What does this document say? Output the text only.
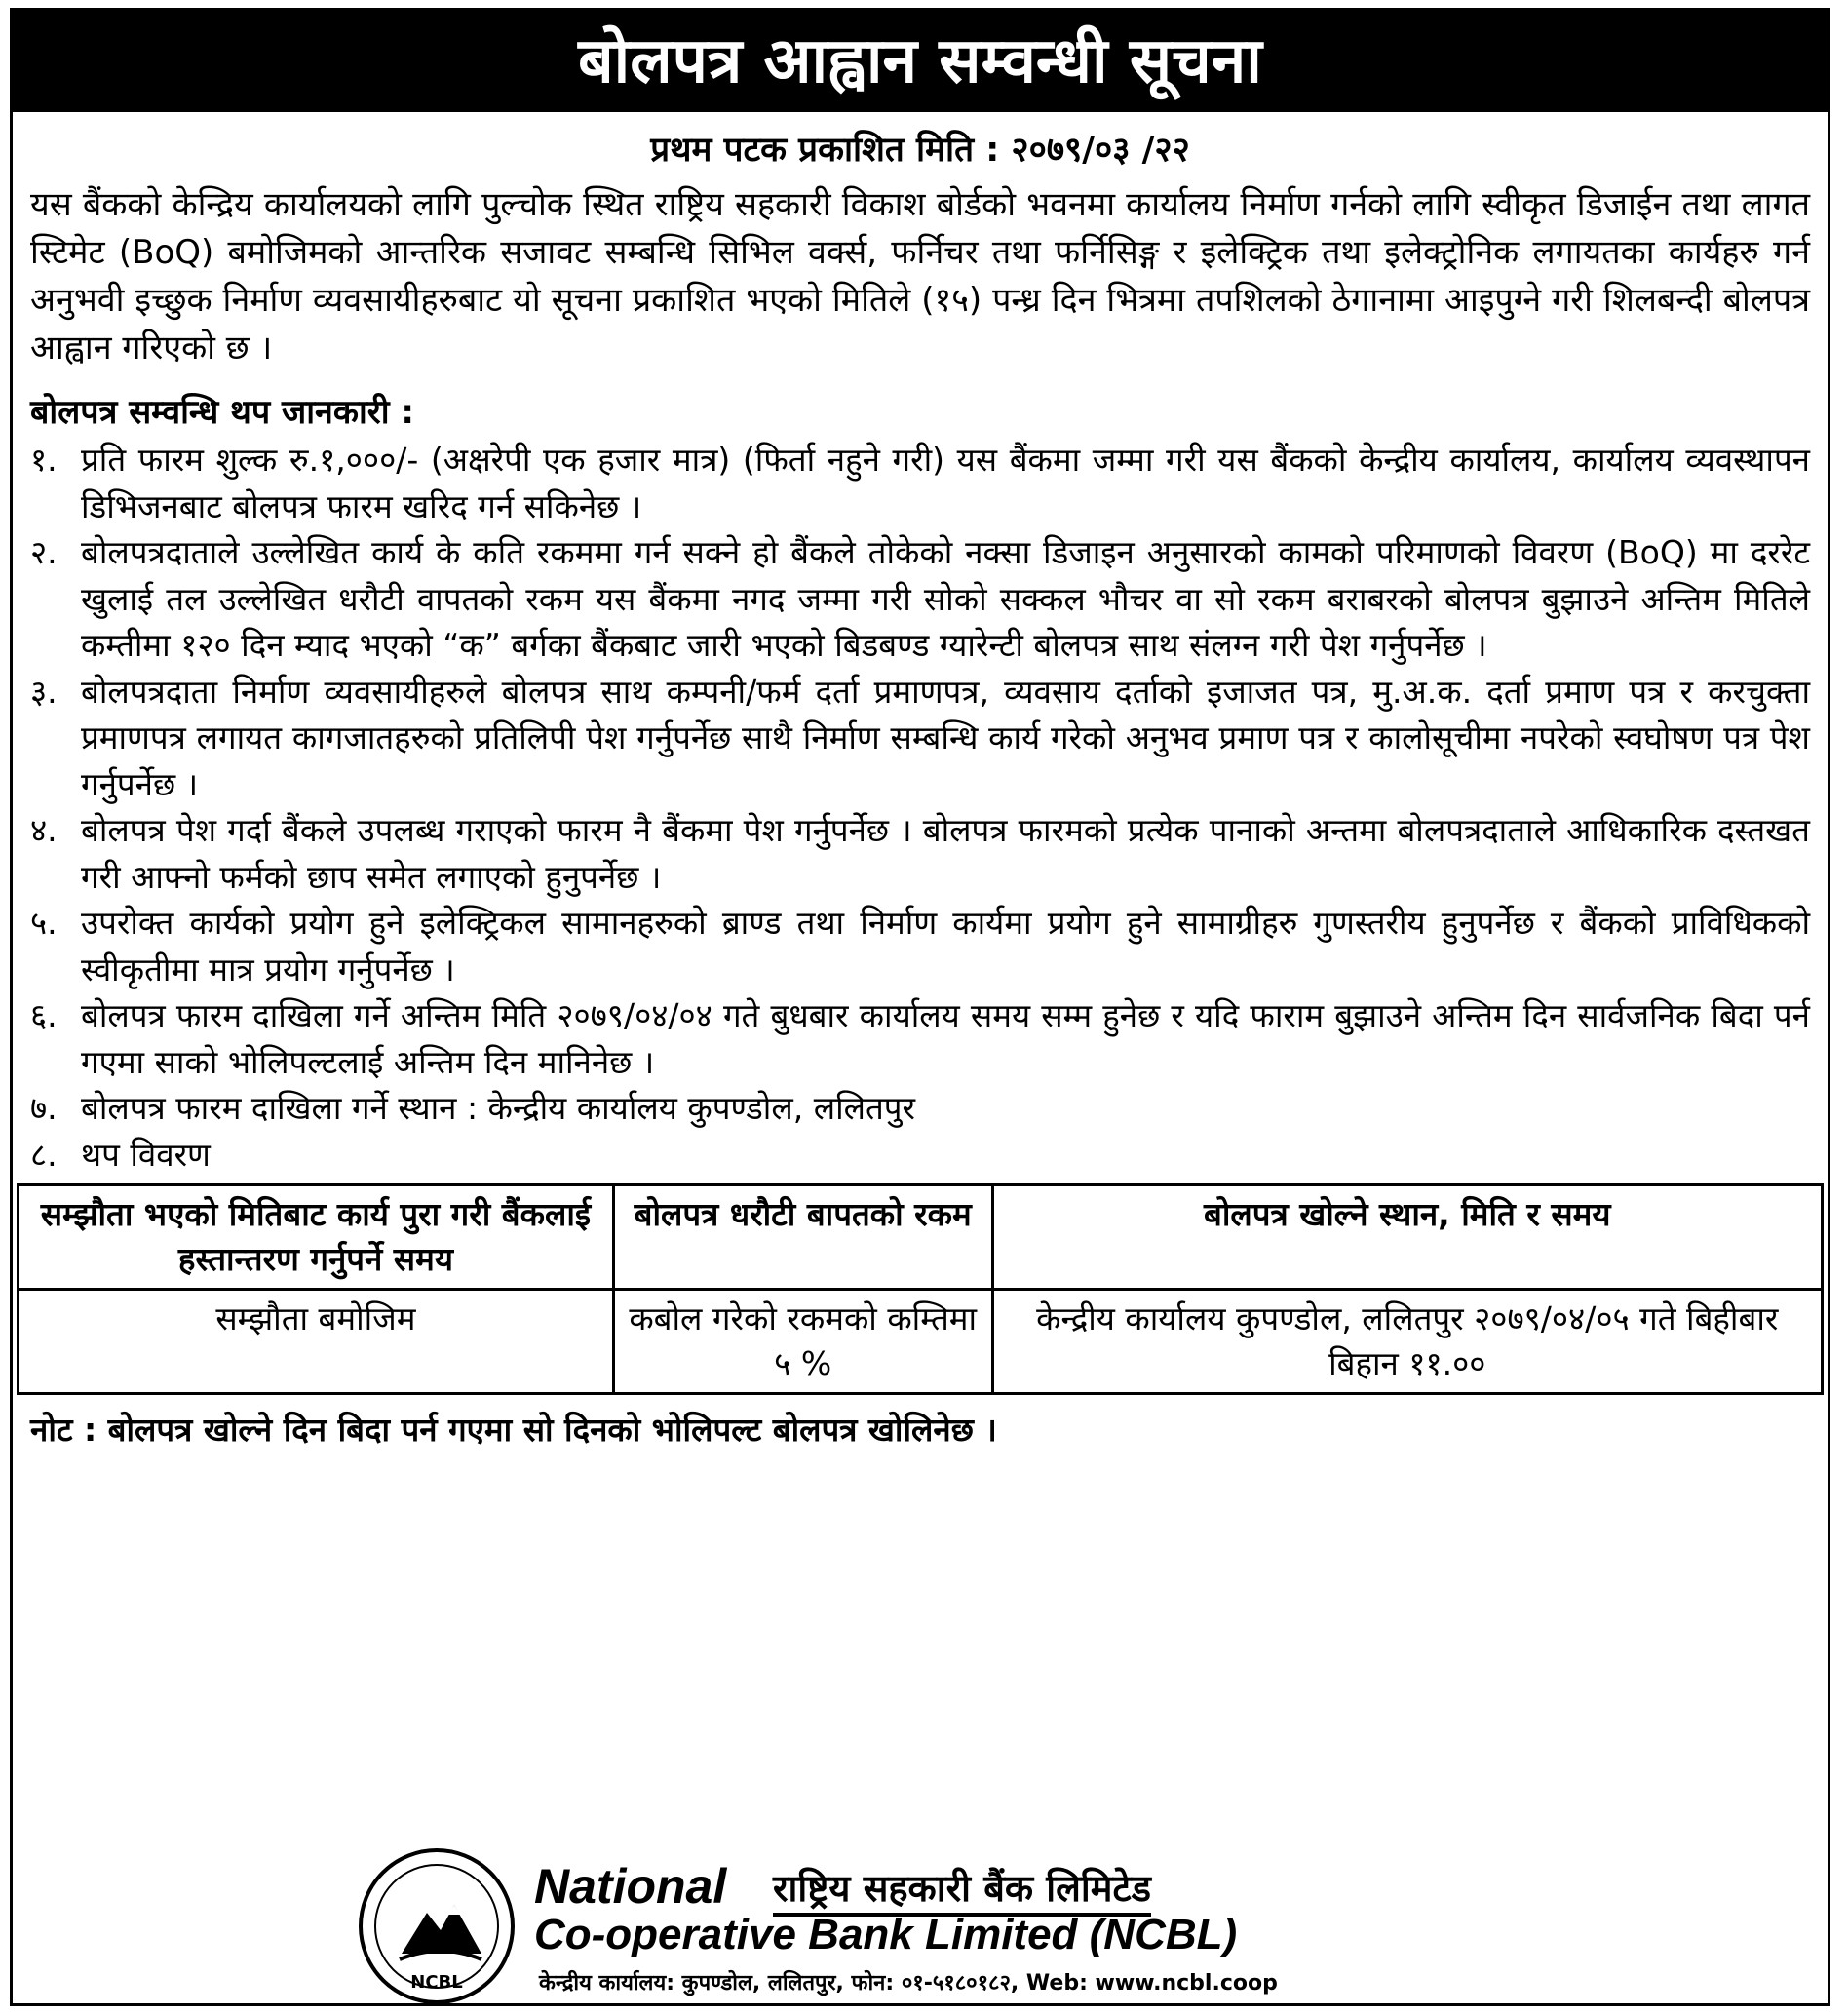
बोलपत्र आह्वान सम्वन्धी सूचना
प्रथम पटक प्रकाशित मिति : २०७९/०३ /२२
यस बैंकको केन्द्रिय कार्यालयको लागि पुल्चोक स्थित राष्ट्रिय सहकारी विकाश बोर्डको भवनमा कार्यालय निर्माण गर्नको लागि स्वीकृत डिजाईन तथा लागत स्टिमेट (BoQ) बमोजिमको आन्तरिक सजावट सम्बन्धि सिभिल वर्क्स, फर्निचर तथा फर्निसिङ्ग र इलेक्ट्रिक तथा इलेक्ट्रोनिक लगायतका कार्यहरु गर्न अनुभवी इच्छुक निर्माण व्यवसायीहरुबाट यो सूचना प्रकाशित भएको मितिले (१५) पन्ध्र दिन भित्रमा तपशिलको ठेगानामा आइपुग्ने गरी शिलबन्दी बोलपत्र आह्वान गरिएको छ ।
बोलपत्र सम्वन्धि थप जानकारी :
१. प्रति फारम शुल्क रु.१,०००/- (अक्षरेपी एक हजार मात्र) (फिर्ता नहुने गरी) यस बैंकमा जम्मा गरी यस बैंकको केन्द्रीय कार्यालय, कार्यालय व्यवस्थापन डिभिजनबाट बोलपत्र फारम खरिद गर्न सकिनेछ ।
२. बोलपत्रदाताले उल्लेखित कार्य के कति रकममा गर्न सक्ने हो बैंकले तोकेको नक्सा डिजाइन अनुसारको कामको परिमाणको विवरण (BoQ) मा दररेट खुलाई तल उल्लेखित धरौटी वापतको रकम यस बैंकमा नगद जम्मा गरी सोको सक्कल भौचर वा सो रकम बराबरको बोलपत्र बुझाउने अन्तिम मितिले कम्तीमा १२० दिन म्याद भएको “क” बर्गका बैंकबाट जारी भएको बिडबण्ड ग्यारेन्टी बोलपत्र साथ संलग्न गरी पेश गर्नुपर्नेछ ।
३. बोलपत्रदाता निर्माण व्यवसायीहरुले बोलपत्र साथ कम्पनी/फर्म दर्ता प्रमाणपत्र, व्यवसाय दर्ताको इजाजत पत्र, मु.अ.क. दर्ता प्रमाण पत्र र करचुक्ता प्रमाणपत्र लगायत कागजातहरुको प्रतिलिपी पेश गर्नुपर्नेछ साथै निर्माण सम्बन्धि कार्य गरेको अनुभव प्रमाण पत्र र कालोसूचीमा नपरेको स्वघोषण पत्र पेश गर्नुपर्नेछ ।
४. बोलपत्र पेश गर्दा बैंकले उपलब्ध गराएको फारम नै बैंकमा पेश गर्नुपर्नेछ । बोलपत्र फारमको प्रत्येक पानाको अन्तमा बोलपत्रदाताले आधिकारिक दस्तखत गरी आफ्नो फर्मको छाप समेत लगाएको हुनुपर्नेछ ।
५. उपरोक्त कार्यको प्रयोग हुने इलेक्ट्रिकल सामानहरुको ब्राण्ड तथा निर्माण कार्यमा प्रयोग हुने सामाग्रीहरु गुणस्तरीय हुनुपर्नेछ र बैंकको प्राविधिकको स्वीकृतीमा मात्र प्रयोग गर्नुपर्नेछ ।
६. बोलपत्र फारम दाखिला गर्ने अन्तिम मिति २०७९/०४/०४ गते बुधबार कार्यालय समय सम्म हुनेछ र यदि फाराम बुझाउने अन्तिम दिन सार्वजनिक बिदा पर्न गएमा साको भोलिपल्टलाई अन्तिम दिन मानिनेछ ।
७. बोलपत्र फारम दाखिला गर्ने स्थान : केन्द्रीय कार्यालय कुपण्डोल, ललितपुर
८. थप विवरण
सम्झौता भएको मितिबाट कार्य पुरा गरी बैंकलाई हस्तान्तरण गर्नुपर्ने समय	बोलपत्र धरौटी बापतको रकम	बोलपत्र खोल्ने स्थान, मिति र समय
सम्झौता बमोजिम	कबोल गरेको रकमको कम्तिमा ५ %	केन्द्रीय कार्यालय कुपण्डोल, ललितपुर २०७९/०४/०५ गते बिहीबार बिहान ११.००
नोट : बोलपत्र खोल्ने दिन बिदा पर्न गएमा सो दिनको भोलिपल्ट बोलपत्र खोलिनेछ ।
NCBL
National राष्ट्रिय सहकारी बैंक लिमिटेड
Co-operative Bank Limited (NCBL)
केन्द्रीय कार्यालय: कुपण्डोल, ललितपुर, फोन: ०१-५१८०१८२, Web: www.ncbl.coop
